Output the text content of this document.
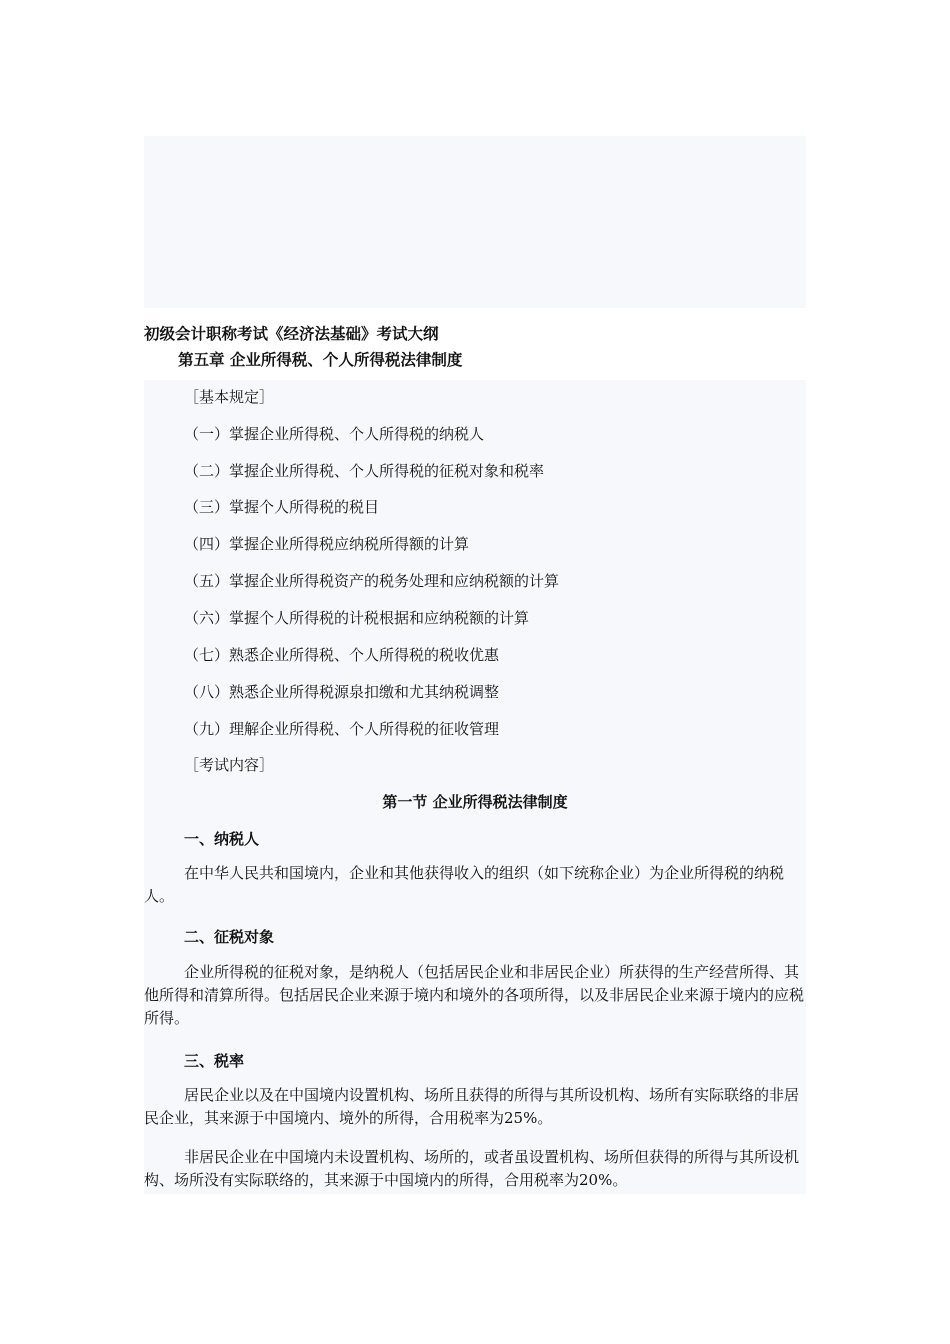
初级会计职称考试《经济法基础》考试大纲
第五章 企业所得税、个人所得税法律制度
［基本规定］
（一）掌握企业所得税、个人所得税的纳税人
（二）掌握企业所得税、个人所得税的征税对象和税率
（三）掌握个人所得税的税目
（四）掌握企业所得税应纳税所得额的计算
（五）掌握企业所得税资产的税务处理和应纳税额的计算
（六）掌握个人所得税的计税根据和应纳税额的计算
（七）熟悉企业所得税、个人所得税的税收优惠
（八）熟悉企业所得税源泉扣缴和尤其纳税调整
（九）理解企业所得税、个人所得税的征收管理
［考试内容］
第一节 企业所得税法律制度
一、纳税人
在中华人民共和国境内，企业和其他获得收入的组织（如下统称企业）为企业所得税的纳税人。
二、征税对象
企业所得税的征税对象，是纳税人（包括居民企业和非居民企业）所获得的生产经营所得、其他所得和清算所得。包括居民企业来源于境内和境外的各项所得，以及非居民企业来源于境内的应税所得。
三、税率
居民企业以及在中国境内设置机构、场所且获得的所得与其所设机构、场所有实际联络的非居民企业，其来源于中国境内、境外的所得，合用税率为25%。
非居民企业在中国境内未设置机构、场所的，或者虽设置机构、场所但获得的所得与其所设机构、场所没有实际联络的，其来源于中国境内的所得，合用税率为20%。
